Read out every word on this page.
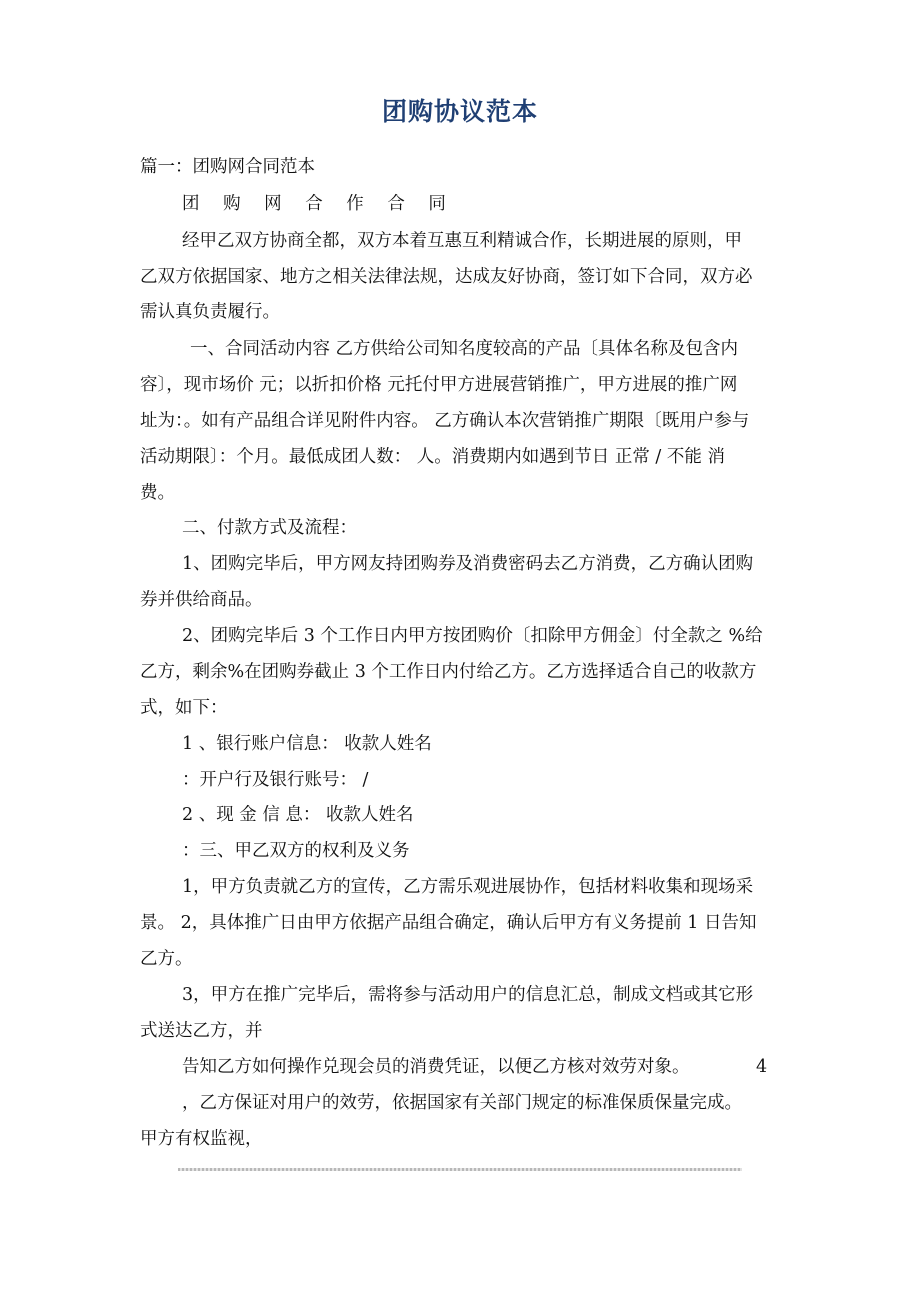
团购协议范本
篇一：团购网合同范本
团 购 网 合 作 合 同
经甲乙双方协商全都，双方本着互惠互利精诚合作，长期进展的原则，甲
乙双方依据国家、地方之相关法律法规，达成友好协商，签订如下合同，双方必
需认真负责履行。
一、合同活动内容 乙方供给公司知名度较高的产品〔具体名称及包含内
容〕，现市场价 元；以折扣价格 元托付甲方进展营销推广，甲方进展的推广网
址为：。如有产品组合详见附件内容。 乙方确认本次营销推广期限〔既用户参与
活动期限〕：个月。最低成团人数： 人。消费期内如遇到节日 正常 / 不能 消
费。
二、付款方式及流程：
1、团购完毕后，甲方网友持团购券及消费密码去乙方消费，乙方确认团购
券并供给商品。
2、团购完毕后 3 个工作日内甲方按团购价〔扣除甲方佣金〕付全款之 %给
乙方，剩余%在团购券截止 3 个工作日内付给乙方。乙方选择适合自己的收款方
式，如下：
1 、银行账户信息： 收款人姓名
：开户行及银行账号： /
2 、现 金 信 息： 收款人姓名
：三、甲乙双方的权利及义务
1，甲方负责就乙方的宣传，乙方需乐观进展协作，包括材料收集和现场采
景。 2，具体推广日由甲方依据产品组合确定，确认后甲方有义务提前 1 日告知
乙方。
3，甲方在推广完毕后，需将参与活动用户的信息汇总，制成文档或其它形
式送达乙方，并
告知乙方如何操作兑现会员的消费凭证，以便乙方核对效劳对象。	4
，乙方保证对用户的效劳，依据国家有关部门规定的标准保质保量完成。
甲方有权监视，
